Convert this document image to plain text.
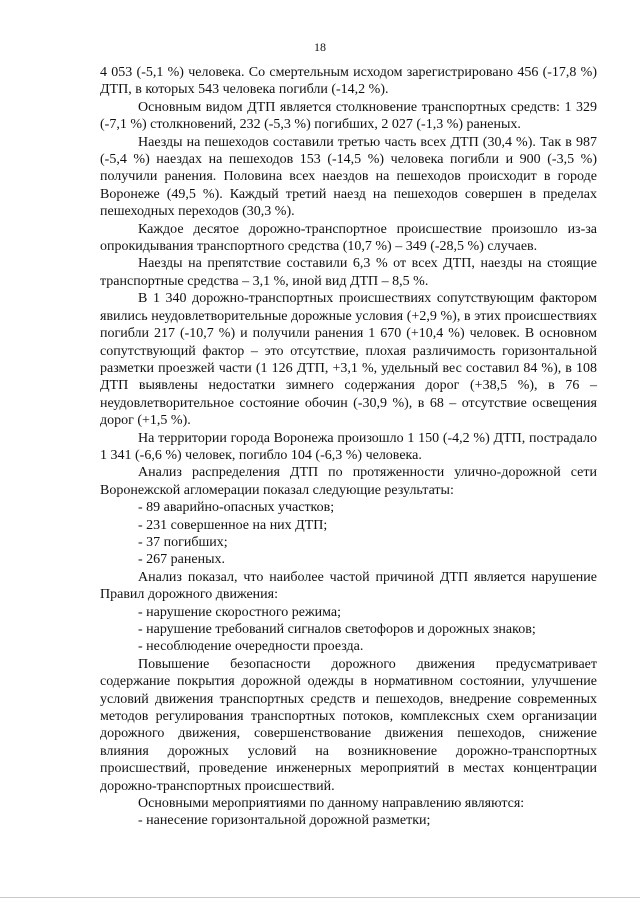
18

4 053 (-5,1 %) человека. Со смертельным исходом зарегистрировано 456 (-17,8 %) ДТП, в которых 543 человека погибли (-14,2 %).

Основным видом ДТП является столкновение транспортных средств: 1 329 (-7,1 %) столкновений, 232 (-5,3 %) погибших, 2 027 (-1,3 %) раненых.

Наезды на пешеходов составили третью часть всех ДТП (30,4 %). Так в 987 (-5,4 %) наездах на пешеходов 153 (-14,5 %) человека погибли и 900 (-3,5 %) получили ранения. Половина всех наездов на пешеходов происходит в городе Воронеже (49,5 %). Каждый третий наезд на пешеходов совершен в пределах пешеходных переходов (30,3 %).

Каждое десятое дорожно-транспортное происшествие произошло из-за опрокидывания транспортного средства (10,7 %) – 349 (-28,5 %) случаев.

Наезды на препятствие составили 6,3 % от всех ДТП, наезды на стоящие транспортные средства – 3,1 %, иной вид ДТП – 8,5 %.

В 1 340 дорожно-транспортных происшествиях сопутствующим фактором явились неудовлетворительные дорожные условия (+2,9 %), в этих происшествиях погибли 217 (-10,7 %) и получили ранения 1 670 (+10,4 %) человек. В основном сопутствующий фактор – это отсутствие, плохая различимость горизонтальной разметки проезжей части (1 126 ДТП, +3,1 %, удельный вес составил 84 %), в 108 ДТП выявлены недостатки зимнего содержания дорог (+38,5 %), в 76 – неудовлетворительное состояние обочин (-30,9 %), в 68 – отсутствие освещения дорог (+1,5 %).

На территории города Воронежа произошло 1 150 (-4,2 %) ДТП, пострадало 1 341 (-6,6 %) человек, погибло 104 (-6,3 %) человека.

Анализ распределения ДТП по протяженности улично-дорожной сети Воронежской агломерации показал следующие результаты:

- 89 аварийно-опасных участков;

- 231 совершенное на них ДТП;

- 37 погибших;

- 267 раненых.

Анализ показал, что наиболее частой причиной ДТП является нарушение Правил дорожного движения:

- нарушение скоростного режима;

- нарушение требований сигналов светофоров и дорожных знаков;

- несоблюдение очередности проезда.

Повышение безопасности дорожного движения предусматривает содержание покрытия дорожной одежды в нормативном состоянии, улучшение условий движения транспортных средств и пешеходов, внедрение современных методов регулирования транспортных потоков, комплексных схем организации дорожного движения, совершенствование движения пешеходов, снижение влияния дорожных условий на возникновение дорожно-транспортных происшествий, проведение инженерных мероприятий в местах концентрации дорожно-транспортных происшествий.

Основными мероприятиями по данному направлению являются:

- нанесение горизонтальной дорожной разметки;
